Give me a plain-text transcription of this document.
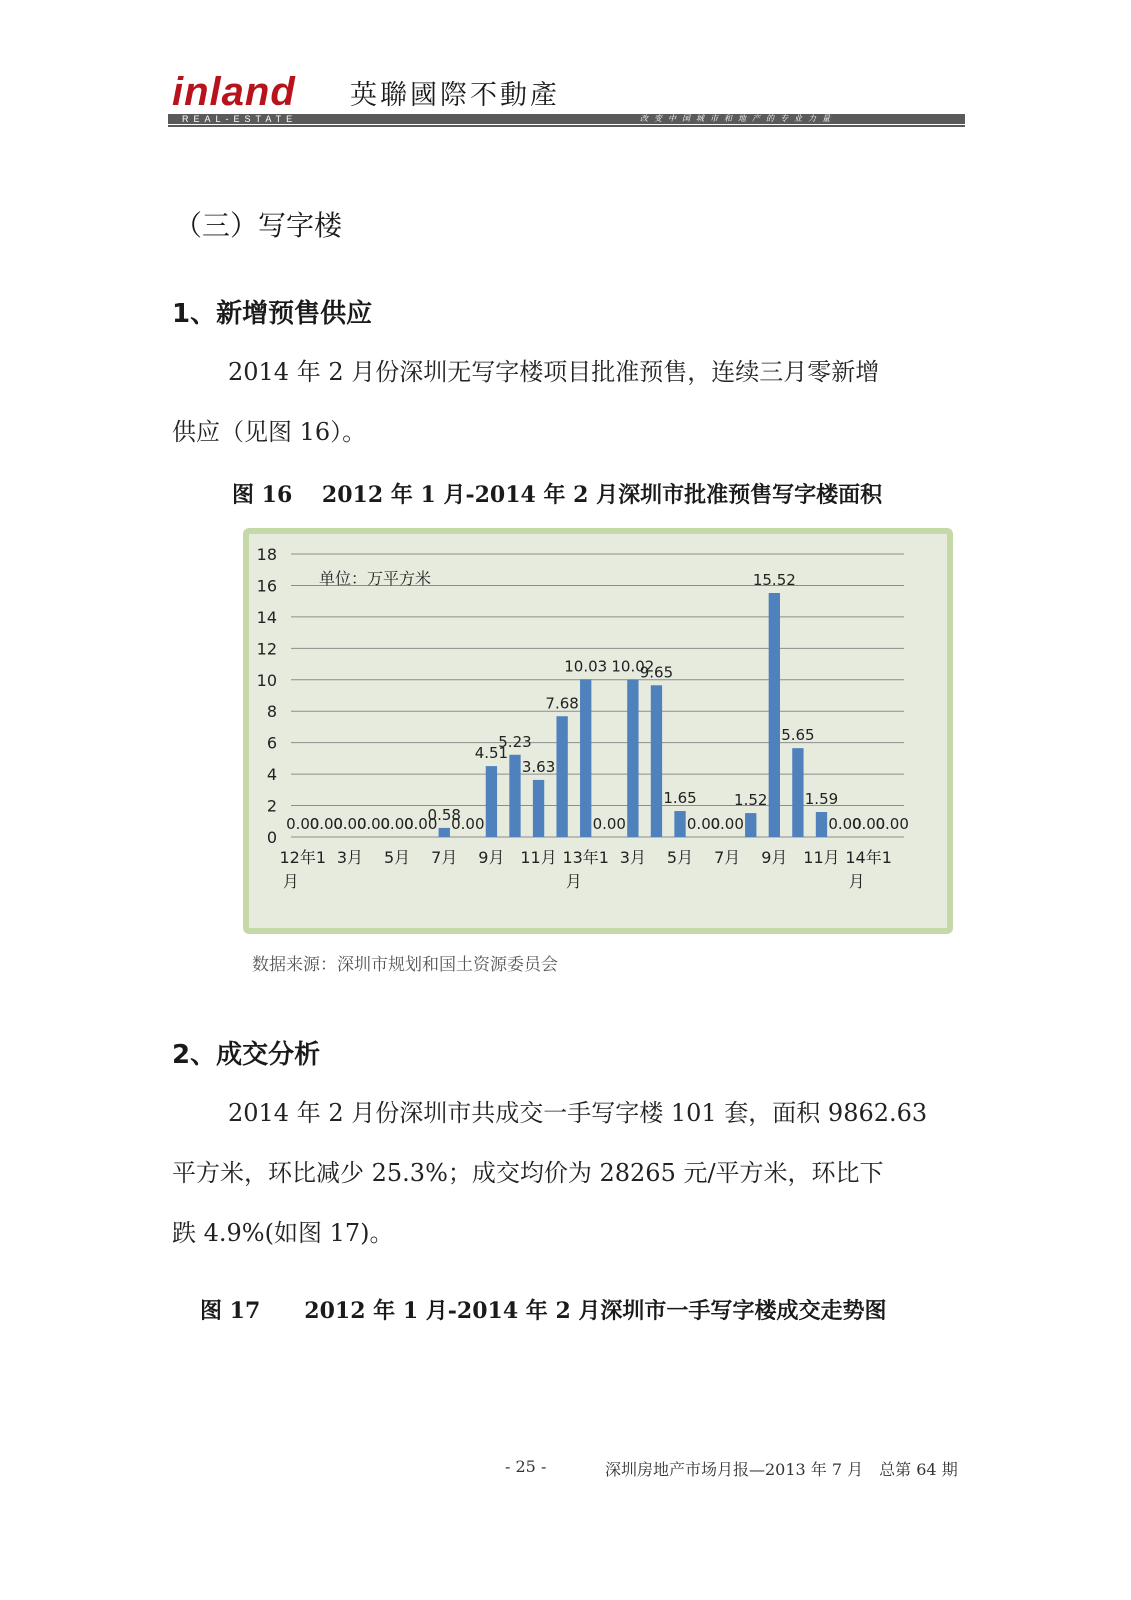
inland 英聯國際不動產
REAL-ESTATE	改变中国城市和地产的专业力量
（三）写字楼
1、新增预售供应
2014 年 2 月份深圳无写字楼项目批准预售，连续三月零新增
供应（见图 16）。
图 16　 2012 年 1 月-2014 年 2 月深圳市批准预售写字楼面积
0.00
0.00
0.00
0.00
0.00
0.00
0.58
0.00
4.51
5.23
3.63
7.68
10.03
0.00
10.02
9.65
1.65
0.00
0.00
1.52
15.52
5.65
1.59
0.00
0.00
0.00
0
2
4
6
8
10
12
14
16
18
12年1
月
3月 5月 7月 9月 11月 13年1
月
3月 5月 7月 9月 11月 14年1
月
单位：万平方米
数据来源：深圳市规划和国土资源委员会
2、成交分析
2014 年 2 月份深圳市共成交一手写字楼 101 套，面积 9862.63
平方米，环比减少 25.3%；成交均价为 28265 元/平方米，环比下
跌 4.9%(如图 17)。
图 17　　2012 年 1 月-2014 年 2 月深圳市一手写字楼成交走势图
- 25 -	深圳房地产市场月报—2013 年 7 月　总第 64 期
